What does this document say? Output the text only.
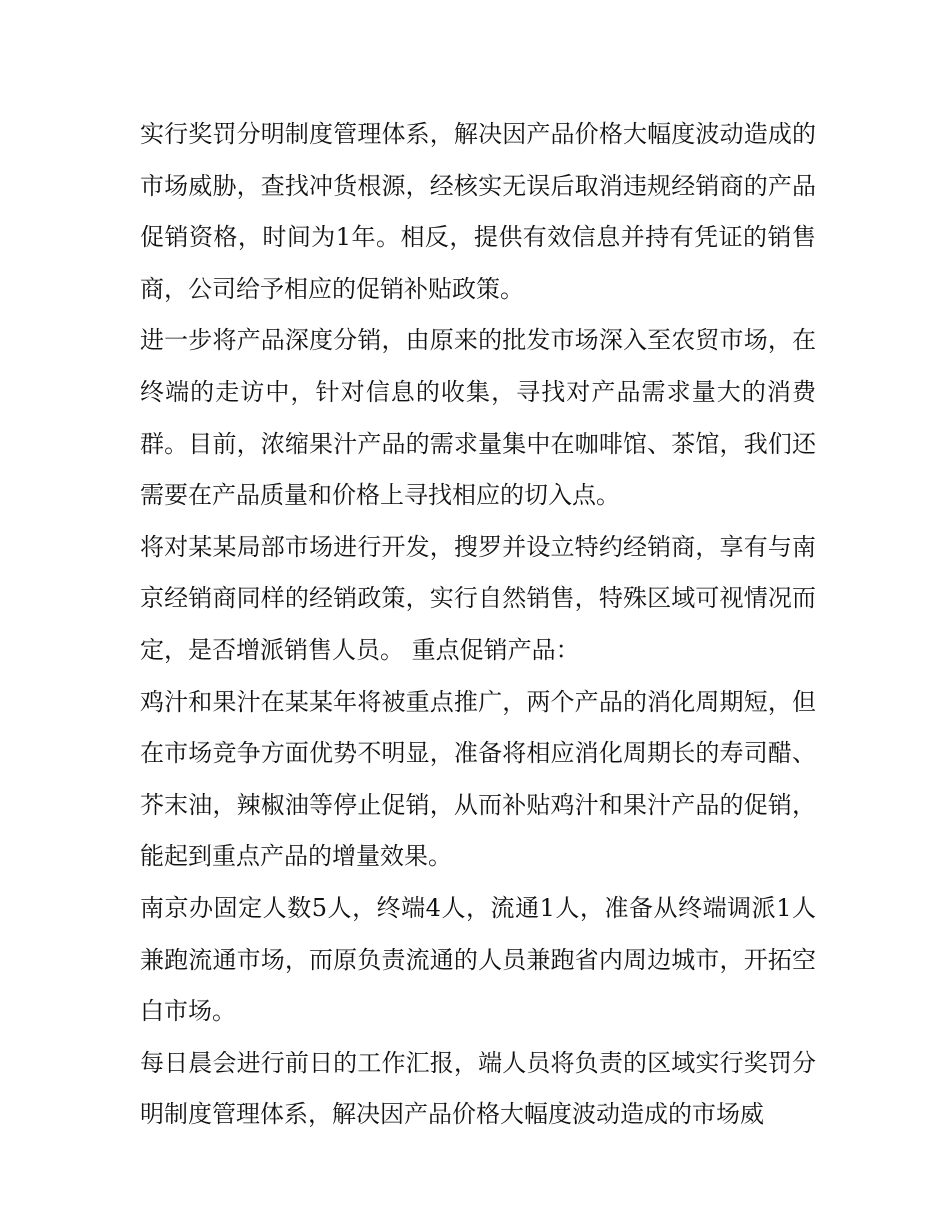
实行奖罚分明制度管理体系，解决因产品价格大幅度波动造成的市场威胁，查找冲货根源，经核实无误后取消违规经销商的产品促销资格，时间为1年。相反，提供有效信息并持有凭证的销售商，公司给予相应的促销补贴政策。

进一步将产品深度分销，由原来的批发市场深入至农贸市场，在终端的走访中，针对信息的收集，寻找对产品需求量大的消费群。目前，浓缩果汁产品的需求量集中在咖啡馆、茶馆，我们还需要在产品质量和价格上寻找相应的切入点。

将对某某局部市场进行开发，搜罗并设立特约经销商，享有与南京经销商同样的经销政策，实行自然销售，特殊区域可视情况而定，是否增派销售人员。 重点促销产品：

鸡汁和果汁在某某年将被重点推广，两个产品的消化周期短，但在市场竞争方面优势不明显，准备将相应消化周期长的寿司醋、芥末油，辣椒油等停止促销，从而补贴鸡汁和果汁产品的促销，能起到重点产品的增量效果。

南京办固定人数5人，终端4人，流通1人，准备从终端调派1人兼跑流通市场，而原负责流通的人员兼跑省内周边城市，开拓空白市场。

每日晨会进行前日的工作汇报，端人员将负责的区域实行奖罚分明制度管理体系，解决因产品价格大幅度波动造成的市场威
